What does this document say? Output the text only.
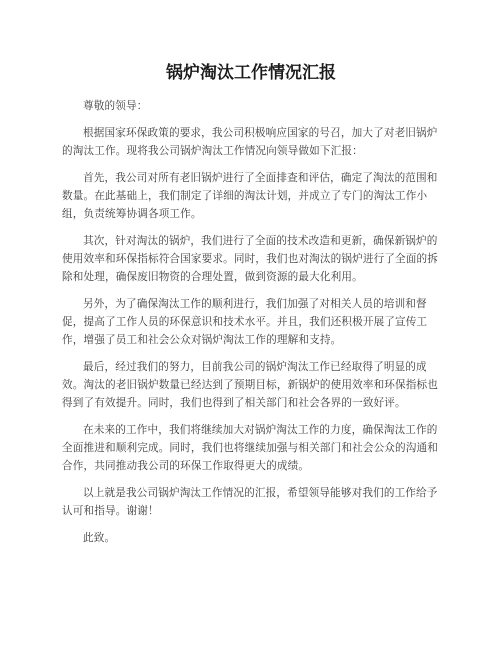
锅炉淘汰工作情况汇报

尊敬的领导：

根据国家环保政策的要求，我公司积极响应国家的号召，加大了对老旧锅炉的淘汰工作。现将我公司锅炉淘汰工作情况向领导做如下汇报：

首先，我公司对所有老旧锅炉进行了全面排查和评估，确定了淘汰的范围和数量。在此基础上，我们制定了详细的淘汰计划，并成立了专门的淘汰工作小组，负责统筹协调各项工作。

其次，针对淘汰的锅炉，我们进行了全面的技术改造和更新，确保新锅炉的使用效率和环保指标符合国家要求。同时，我们也对淘汰的锅炉进行了全面的拆除和处理，确保废旧物资的合理处置，做到资源的最大化利用。

另外，为了确保淘汰工作的顺利进行，我们加强了对相关人员的培训和督促，提高了工作人员的环保意识和技术水平。并且，我们还积极开展了宣传工作，增强了员工和社会公众对锅炉淘汰工作的理解和支持。

最后，经过我们的努力，目前我公司的锅炉淘汰工作已经取得了明显的成效。淘汰的老旧锅炉数量已经达到了预期目标，新锅炉的使用效率和环保指标也得到了有效提升。同时，我们也得到了相关部门和社会各界的一致好评。

在未来的工作中，我们将继续加大对锅炉淘汰工作的力度，确保淘汰工作的全面推进和顺利完成。同时，我们也将继续加强与相关部门和社会公众的沟通和合作，共同推动我公司的环保工作取得更大的成绩。

以上就是我公司锅炉淘汰工作情况的汇报，希望领导能够对我们的工作给予认可和指导。谢谢！

此致。
